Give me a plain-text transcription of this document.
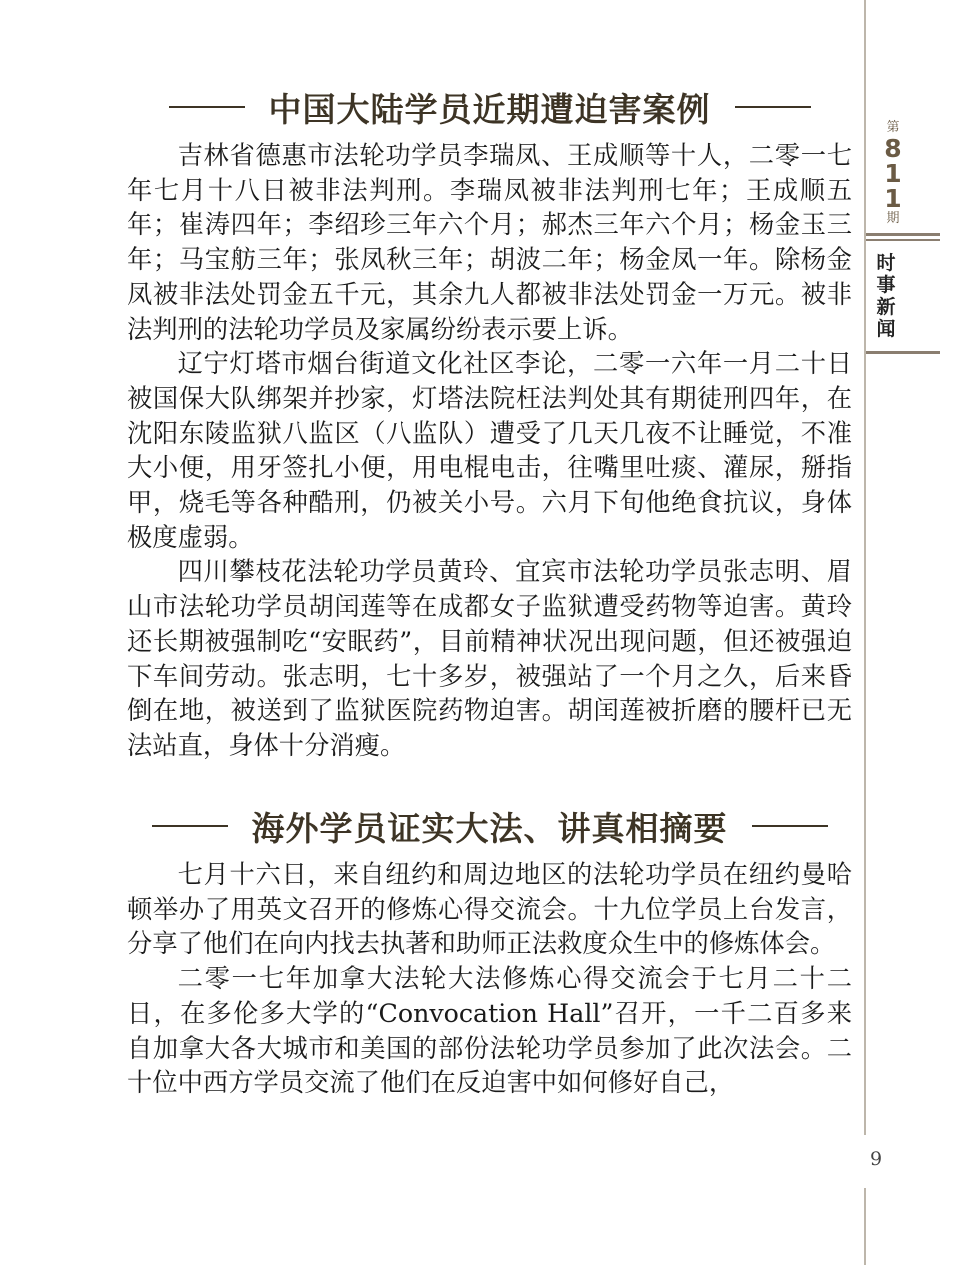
中国大陆学员近期遭迫害案例

吉林省德惠市法轮功学员李瑞凤、王成顺等十人，二零一七年七月十八日被非法判刑。李瑞凤被非法判刑七年；王成顺五年；崔涛四年；李绍珍三年六个月；郝杰三年六个月；杨金玉三年；马宝舫三年；张凤秋三年；胡波二年；杨金凤一年。除杨金凤被非法处罚金五千元，其余九人都被非法处罚金一万元。被非法判刑的法轮功学员及家属纷纷表示要上诉。

辽宁灯塔市烟台街道文化社区李论，二零一六年一月二十日被国保大队绑架并抄家，灯塔法院枉法判处其有期徒刑四年，在沈阳东陵监狱八监区（八监队）遭受了几天几夜不让睡觉，不准大小便，用牙签扎小便，用电棍电击，往嘴里吐痰、灌尿，掰指甲，烧毛等各种酷刑，仍被关小号。六月下旬他绝食抗议，身体极度虚弱。

四川攀枝花法轮功学员黄玲、宜宾市法轮功学员张志明、眉山市法轮功学员胡闰莲等在成都女子监狱遭受药物等迫害。黄玲还长期被强制吃“安眠药”，目前精神状况出现问题，但还被强迫下车间劳动。张志明，七十多岁，被强站了一个月之久，后来昏倒在地，被送到了监狱医院药物迫害。胡闰莲被折磨的腰杆已无法站直，身体十分消瘦。

海外学员证实大法、讲真相摘要

七月十六日，来自纽约和周边地区的法轮功学员在纽约曼哈顿举办了用英文召开的修炼心得交流会。十九位学员上台发言，分享了他们在向内找去执著和助师正法救度众生中的修炼体会。

二零一七年加拿大法轮大法修炼心得交流会于七月二十二日，在多伦多大学的“Convocation Hall”召开，一千二百多来自加拿大各大城市和美国的部份法轮功学员参加了此次法会。二十位中西方学员交流了他们在反迫害中如何修好自己，

第
8
1
1
期
时
事
新
闻
9
